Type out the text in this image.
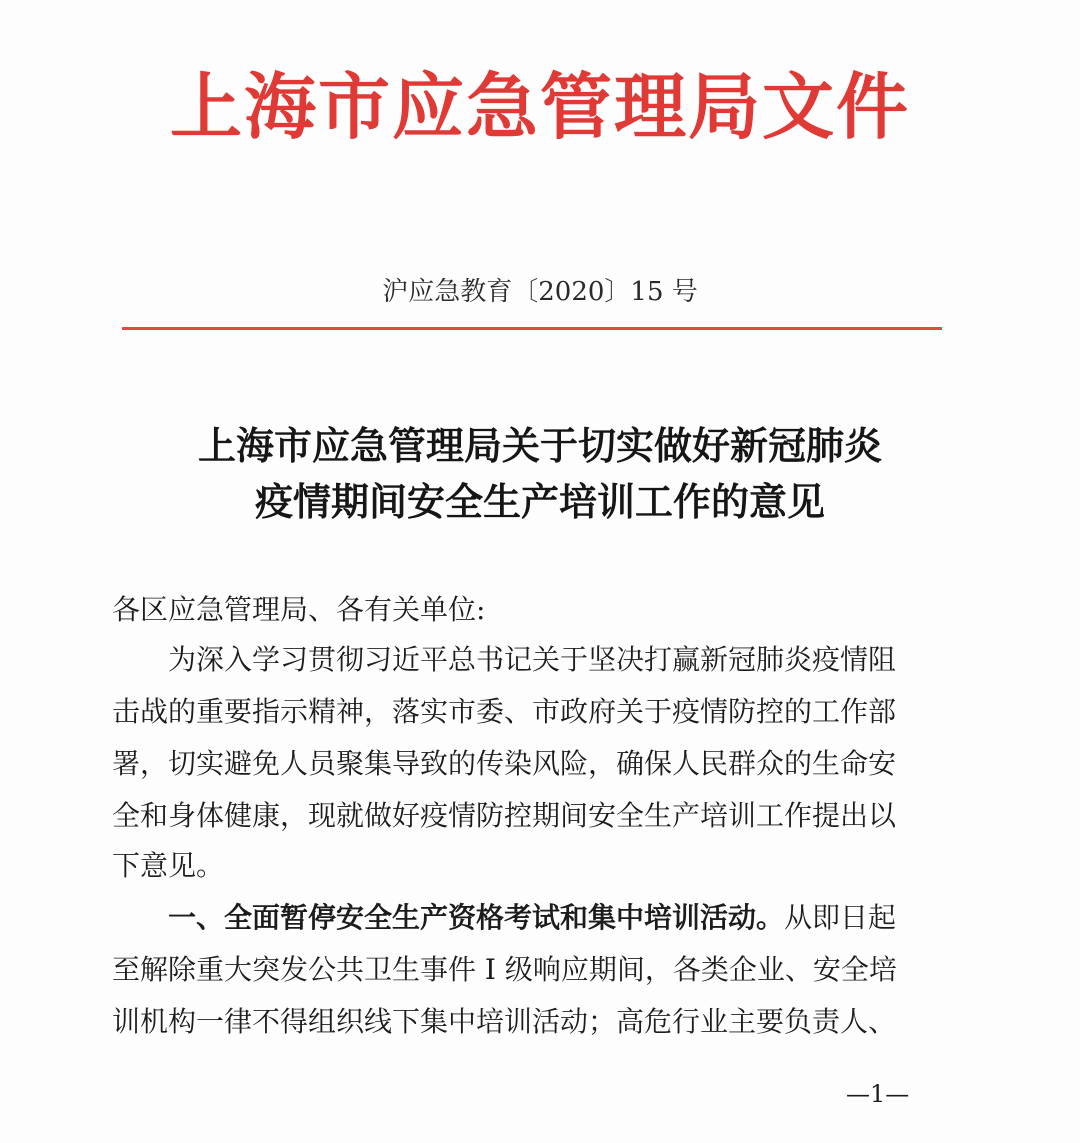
上海市应急管理局文件
沪应急教育〔2020〕15 号
上海市应急管理局关于切实做好新冠肺炎
疫情期间安全生产培训工作的意见
各区应急管理局、各有关单位:
为深入学习贯彻习近平总书记关于坚决打赢新冠肺炎疫情阻
击战的重要指示精神，落实市委、市政府关于疫情防控的工作部
署，切实避免人员聚集导致的传染风险，确保人民群众的生命安
全和身体健康，现就做好疫情防控期间安全生产培训工作提出以
下意见。
一、全面暂停安全生产资格考试和集中培训活动。从即日起
至解除重大突发公共卫生事件 I 级响应期间，各类企业、安全培
训机构一律不得组织线下集中培训活动；高危行业主要负责人、
—1—
